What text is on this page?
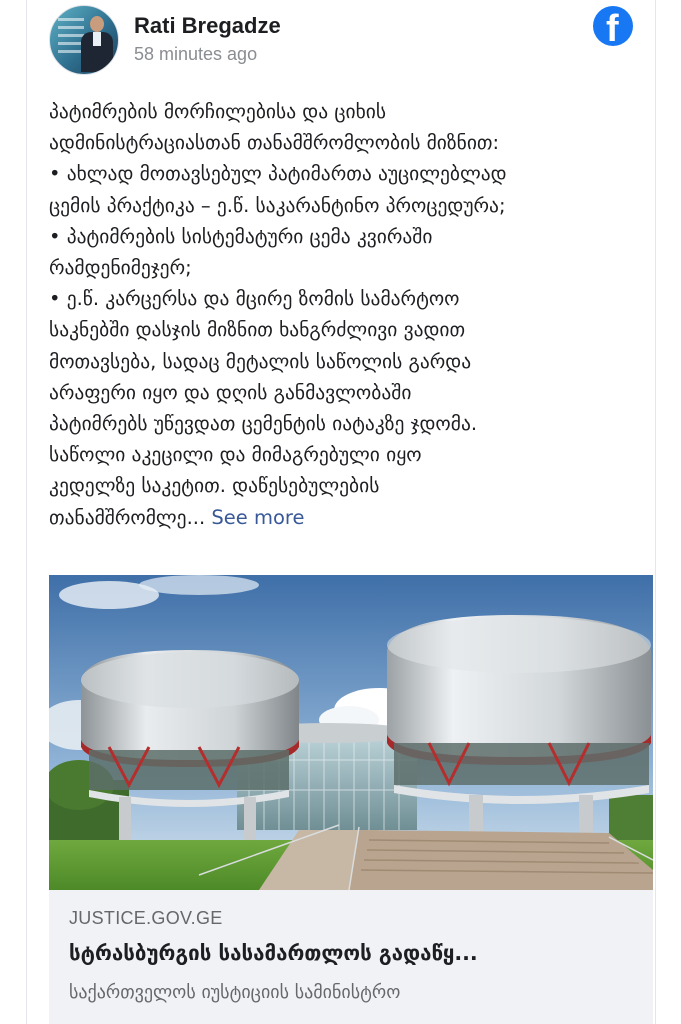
Rati Bregadze
58 minutes ago
f
პატიმრების მორჩილებისა და ციხის
ადმინისტრაციასთან თანამშრომლობის მიზნით:
• ახლად მოთავსებულ პატიმართა აუცილებლად
ცემის პრაქტიკა – ე.წ. საკარანტინო პროცედურა;
• პატიმრების სისტემატური ცემა კვირაში
რამდენიმეჯერ;
• ე.წ. კარცერსა და მცირე ზომის სამარტოო
საკნებში დასჯის მიზნით ხანგრძლივი ვადით
მოთავსება, სადაც მეტალის საწოლის გარდა
არაფერი იყო და დღის განმავლობაში
პატიმრებს უწევდათ ცემენტის იატაკზე ჯდომა.
საწოლი აკეცილი და მიმაგრებული იყო
კედელზე საკეტით. დაწესებულების
თანამშრომლე... See more
JUSTICE.GOV.GE
სტრასბურგის სასამართლოს გადაწყ...
საქართველოს იუსტიციის სამინისტრო
